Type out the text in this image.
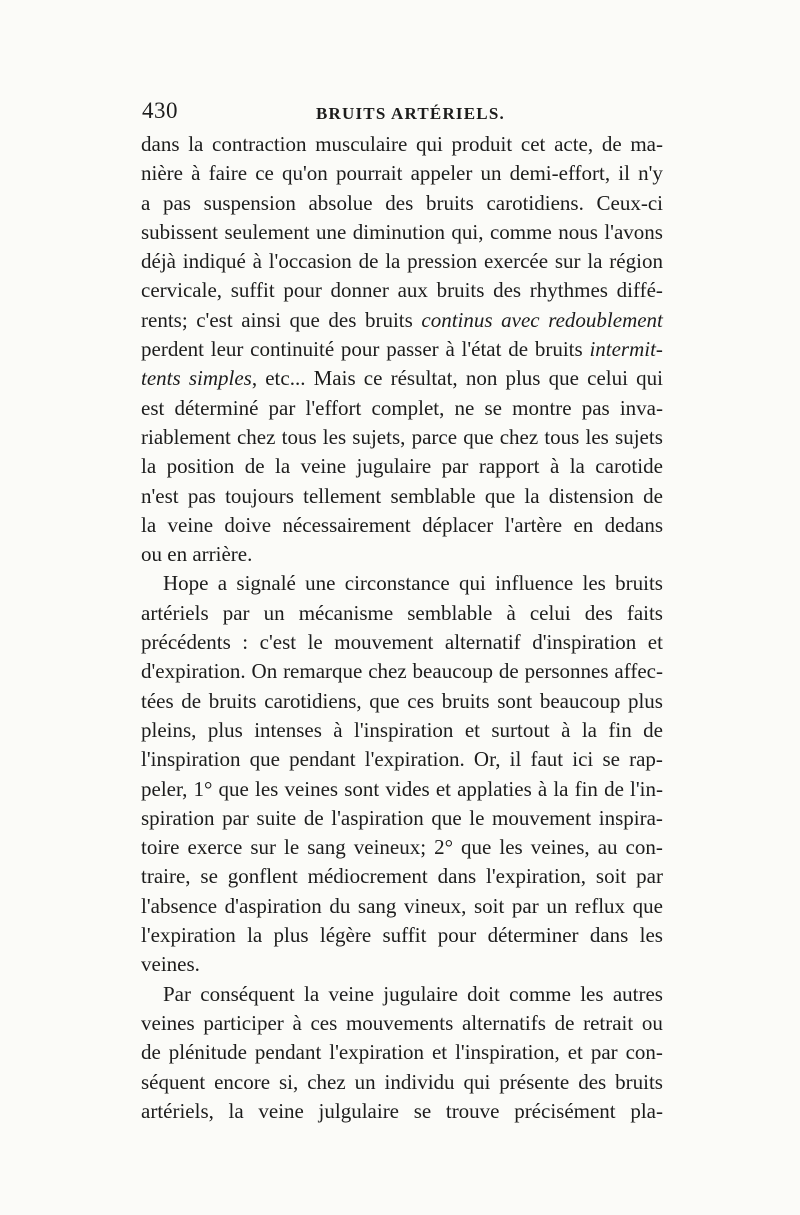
430	BRUITS ARTÉRIELS.
dans la contraction musculaire qui produit cet acte, de ma-
nière à faire ce qu'on pourrait appeler un demi-effort, il n'y
a pas suspension absolue des bruits carotidiens. Ceux-ci
subissent seulement une diminution qui, comme nous l'avons
déjà indiqué à l'occasion de la pression exercée sur la région
cervicale, suffit pour donner aux bruits des rhythmes diffé-
rents; c'est ainsi que des bruits continus avec redoublement
perdent leur continuité pour passer à l'état de bruits intermit-
tents simples, etc... Mais ce résultat, non plus que celui qui
est déterminé par l'effort complet, ne se montre pas inva-
riablement chez tous les sujets, parce que chez tous les sujets
la position de la veine jugulaire par rapport à la carotide
n'est pas toujours tellement semblable que la distension de
la veine doive nécessairement déplacer l'artère en dedans
ou
en
arrière.
Hope a signalé une circonstance qui influence les bruits
artériels par un mécanisme semblable à celui des faits
précédents : c'est le mouvement alternatif d'inspiration et
d'expiration. On remarque chez beaucoup de personnes affec-
tées de bruits carotidiens, que ces bruits sont beaucoup plus
pleins, plus intenses à l'inspiration et surtout à la fin de
l'inspiration que pendant l'expiration. Or, il faut ici se rap-
peler, 1° que les veines sont vides et applaties à la fin de l'in-
spiration par suite de l'aspiration que le mouvement inspira-
toire exerce sur le sang veineux; 2° que les veines, au con-
traire, se gonflent médiocrement dans l'expiration, soit par
l'absence d'aspiration du sang vineux, soit par un reflux que
l'expiration la plus légère suffit pour déterminer dans les
veines.
Par conséquent la veine jugulaire doit comme les autres
veines participer à ces mouvements alternatifs de retrait ou
de plénitude pendant l'expiration et l'inspiration, et par con-
séquent encore si, chez un individu qui présente des bruits
artériels, la veine julgulaire se trouve précisément pla-
